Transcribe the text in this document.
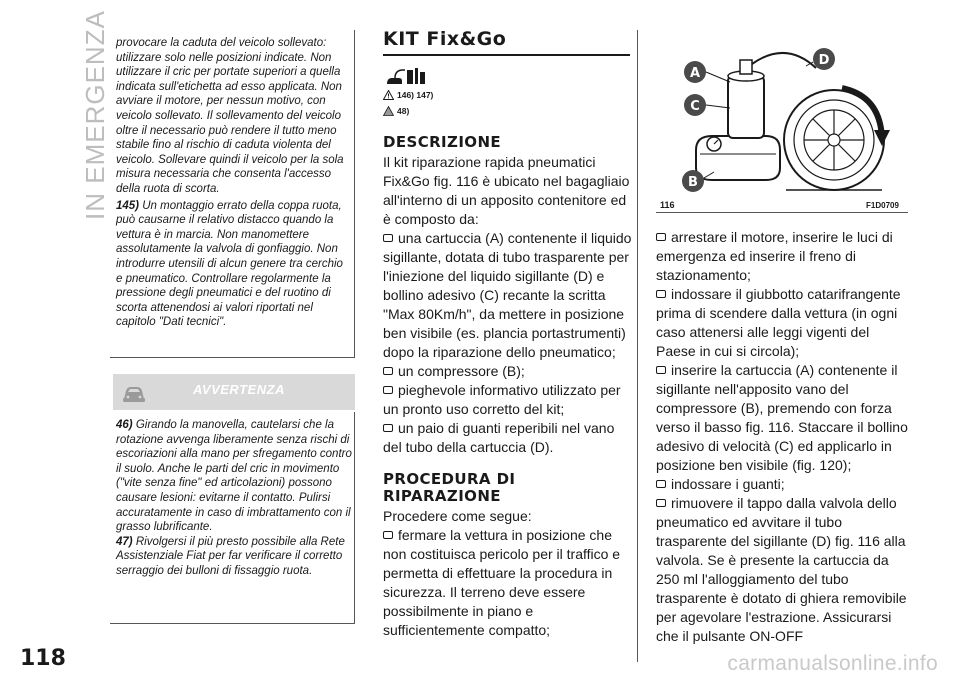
IN EMERGENZA provocare la caduta del veicolo sollevato: utilizzare solo nelle posizioni indicate. Non utilizzare il cric per portate superiori a quella indicata sull'etichetta ad esso applicata. Non avviare il motore, per nessun motivo, con veicolo sollevato. Il sollevamento del veicolo oltre il necessario può rendere il tutto meno stabile fino al rischio di caduta violenta del veicolo. Sollevare quindi il veicolo per la sola misura necessaria che consenta l'accesso della ruota di scorta.

145) Un montaggio errato della coppa ruota, può causarne il relativo distacco quando la vettura è in marcia. Non manomettere assolutamente la valvola di gonfiaggio. Non introdurre utensili di alcun genere tra cerchio e pneumatico. Controllare regolarmente la pressione degli pneumatici e del ruotino di scorta attenendosi ai valori riportati nel capitolo "Dati tecnici".

AVVERTENZA

46) Girando la manovella, cautelarsi che la rotazione avvenga liberamente senza rischi di escoriazioni alla mano per sfregamento contro il suolo. Anche le parti del cric in movimento ("vite senza fine" ed articolazioni) possono causare lesioni: evitarne il contatto. Pulirsi accuratamente in caso di imbrattamento con il grasso lubrificante.

47) Rivolgersi il più presto possibile alla Rete Assistenziale Fiat per far verificare il corretto serraggio dei bulloni di fissaggio ruota.

KIT Fix&Go
146) 147)
48)
DESCRIZIONE

Il kit riparazione rapida pneumatici Fix&Go fig. 116 è ubicato nel bagagliaio all'interno di un apposito contenitore ed è composto da:

una cartuccia (A) contenente il liquido sigillante, dotata di tubo trasparente per l'iniezione del liquido sigillante (D) e bollino adesivo (C) recante la scritta "Max 80Km/h", da mettere in posizione ben visibile (es. plancia portastrumenti) dopo la riparazione dello pneumatico;

un compressore (B);

pieghevole informativo utilizzato per un pronto uso corretto del kit;

un paio di guanti reperibili nel vano del tubo della cartuccia (D).

PROCEDURA DI RIPARAZIONE

Procedere come segue:

fermare la vettura in posizione che non costituisca pericolo per il traffico e permetta di effettuare la procedura in sicurezza. Il terreno deve essere possibilmente in piano e sufficientemente compatto;

A
C
B
D
116	F1D0709

arrestare il motore, inserire le luci di emergenza ed inserire il freno di stazionamento;

indossare il giubbotto catarifrangente prima di scendere dalla vettura (in ogni caso attenersi alle leggi vigenti del Paese in cui si circola);

inserire la cartuccia (A) contenente il sigillante nell'apposito vano del compressore (B), premendo con forza verso il basso fig. 116. Staccare il bollino adesivo di velocità (C) ed applicarlo in posizione ben visibile (fig. 120);

indossare i guanti;

rimuovere il tappo dalla valvola dello pneumatico ed avvitare il tubo trasparente del sigillante (D) fig. 116 alla valvola. Se è presente la cartuccia da 250 ml l'alloggiamento del tubo trasparente è dotato di ghiera removibile per agevolare l'estrazione. Assicurarsi che il pulsante ON-OFF

118	carmanualsonline.info
